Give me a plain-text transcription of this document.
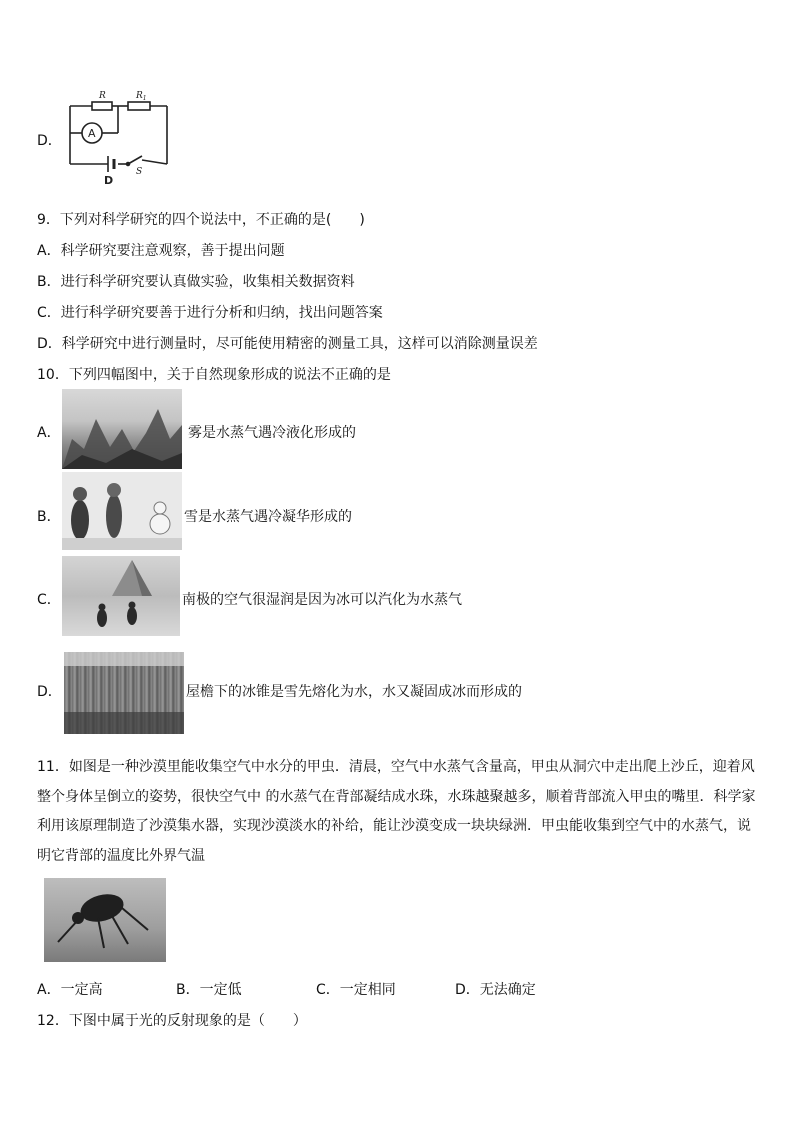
D．
R	$R_1$
A
S
D
9．下列对科学研究的四个说法中，不正确的是(　　)
A．科学研究要注意观察，善于提出问题
B．进行科学研究要认真做实验，收集相关数据资料
C．进行科学研究要善于进行分析和归纳，找出问题答案
D．科学研究中进行测量时，尽可能使用精密的测量工具，这样可以消除测量误差
10．下列四幅图中，关于自然现象形成的说法不正确的是
A．	雾是水蒸气遇冷液化形成的
B．	雪是水蒸气遇冷凝华形成的
C．	南极的空气很湿润是因为冰可以汽化为水蒸气
D．	屋檐下的冰锥是雪先熔化为水，水又凝固成冰而形成的
11．如图是一种沙漠里能收集空气中水分的甲虫．清晨，空气中水蒸气含量高，甲虫从洞穴中走出爬上沙丘，迎着风
整个身体呈倒立的姿势，很快空气中 的水蒸气在背部凝结成水珠，水珠越聚越多，顺着背部流入甲虫的嘴里．科学家
利用该原理制造了沙漠集水器，实现沙漠淡水的补给，能让沙漠变成一块块绿洲．甲虫能收集到空气中的水蒸气，说
明它背部的温度比外界气温
A．一定高	B．一定低	C．一定相同	D．无法确定
12．下图中属于光的反射现象的是（　　）
